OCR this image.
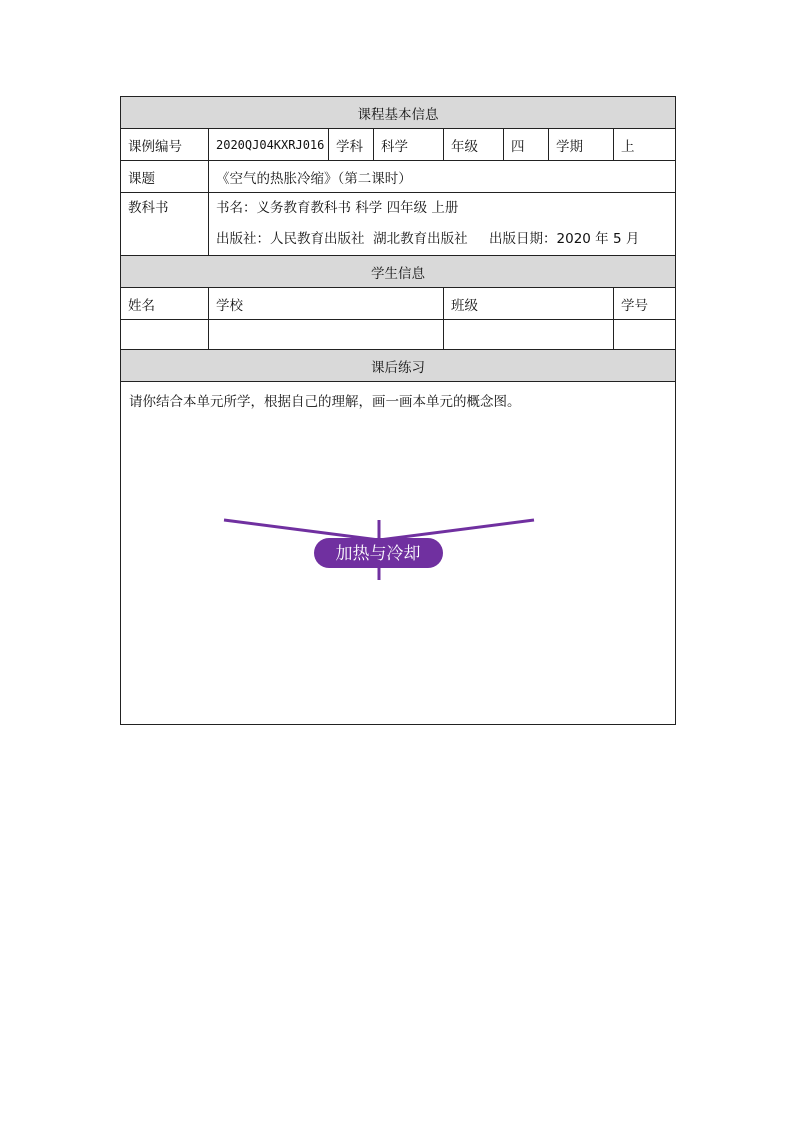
课程基本信息							
课例编号	2020QJ04KXRJ016	学科	科学	年级	四	学期	上
课题	《空气的热胀冷缩》（第二课时）						
教科书	书名：义务教育教科书 科学 四年级 上册
出版社：人民教育出版社  湖北教育出版社     出版日期：2020 年 5 月						

学生信息							
姓名	学校			班级			学号

课后练习							

请你结合本单元所学，根据自己的理解，画一画本单元的概念图。
加热与冷却							
